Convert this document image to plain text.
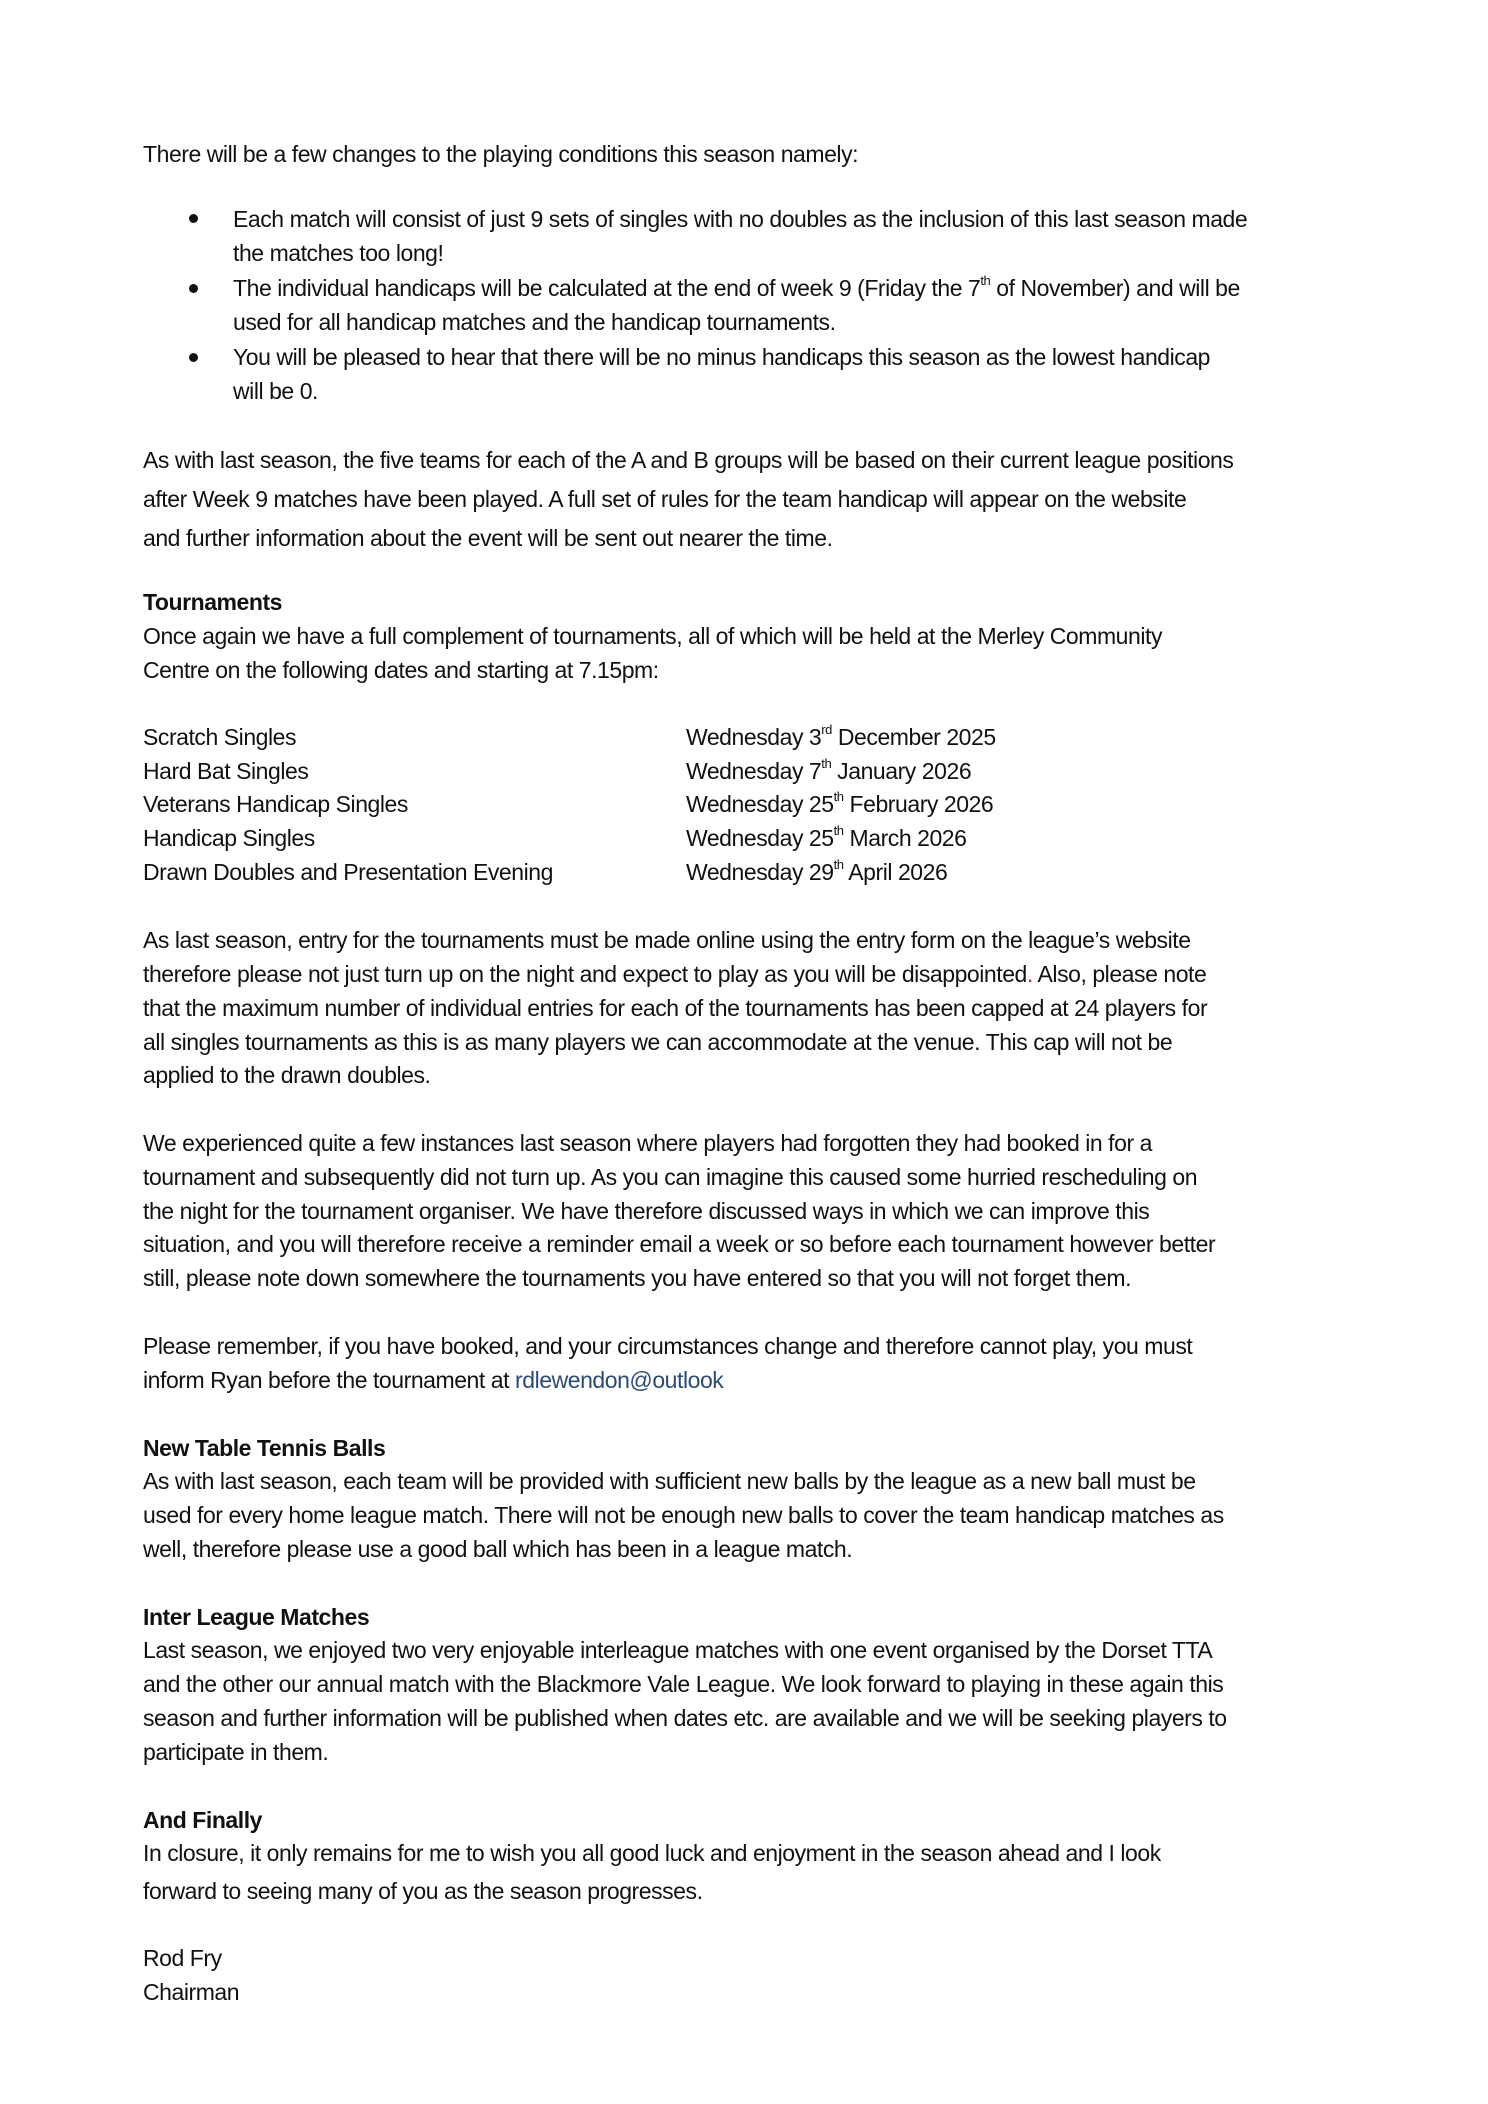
There will be a few changes to the playing conditions this season namely:
Each match will consist of just 9 sets of singles with no doubles as the inclusion of this last season made
the matches too long!
The individual handicaps will be calculated at the end of week 9 (Friday the 7th of November) and will be
used for all handicap matches and the handicap tournaments.
You will be pleased to hear that there will be no minus handicaps this season as the lowest handicap
will be 0.
As with last season, the five teams for each of the A and B groups will be based on their current league positions
after Week 9 matches have been played. A full set of rules for the team handicap will appear on the website
and further information about the event will be sent out nearer the time.
Tournaments
Once again we have a full complement of tournaments, all of which will be held at the Merley Community
Centre on the following dates and starting at 7.15pm:
Scratch Singles	Wednesday 3rd December 2025
Hard Bat Singles	Wednesday 7th January 2026
Veterans Handicap Singles	Wednesday 25th February 2026
Handicap Singles	Wednesday 25th March 2026
Drawn Doubles and Presentation Evening	Wednesday 29th April 2026
As last season, entry for the tournaments must be made online using the entry form on the league’s website
therefore please not just turn up on the night and expect to play as you will be disappointed. Also, please note
that the maximum number of individual entries for each of the tournaments has been capped at 24 players for
all singles tournaments as this is as many players we can accommodate at the venue. This cap will not be
applied to the drawn doubles.
We experienced quite a few instances last season where players had forgotten they had booked in for a
tournament and subsequently did not turn up. As you can imagine this caused some hurried rescheduling on
the night for the tournament organiser. We have therefore discussed ways in which we can improve this
situation, and you will therefore receive a reminder email a week or so before each tournament however better
still, please note down somewhere the tournaments you have entered so that you will not forget them.
Please remember, if you have booked, and your circumstances change and therefore cannot play, you must
inform Ryan before the tournament at rdlewendon@outlook
New Table Tennis Balls
As with last season, each team will be provided with sufficient new balls by the league as a new ball must be
used for every home league match. There will not be enough new balls to cover the team handicap matches as
well, therefore please use a good ball which has been in a league match.
Inter League Matches
Last season, we enjoyed two very enjoyable interleague matches with one event organised by the Dorset TTA
and the other our annual match with the Blackmore Vale League. We look forward to playing in these again this
season and further information will be published when dates etc. are available and we will be seeking players to
participate in them.
And Finally
In closure, it only remains for me to wish you all good luck and enjoyment in the season ahead and I look
forward to seeing many of you as the season progresses.
Rod Fry
Chairman
